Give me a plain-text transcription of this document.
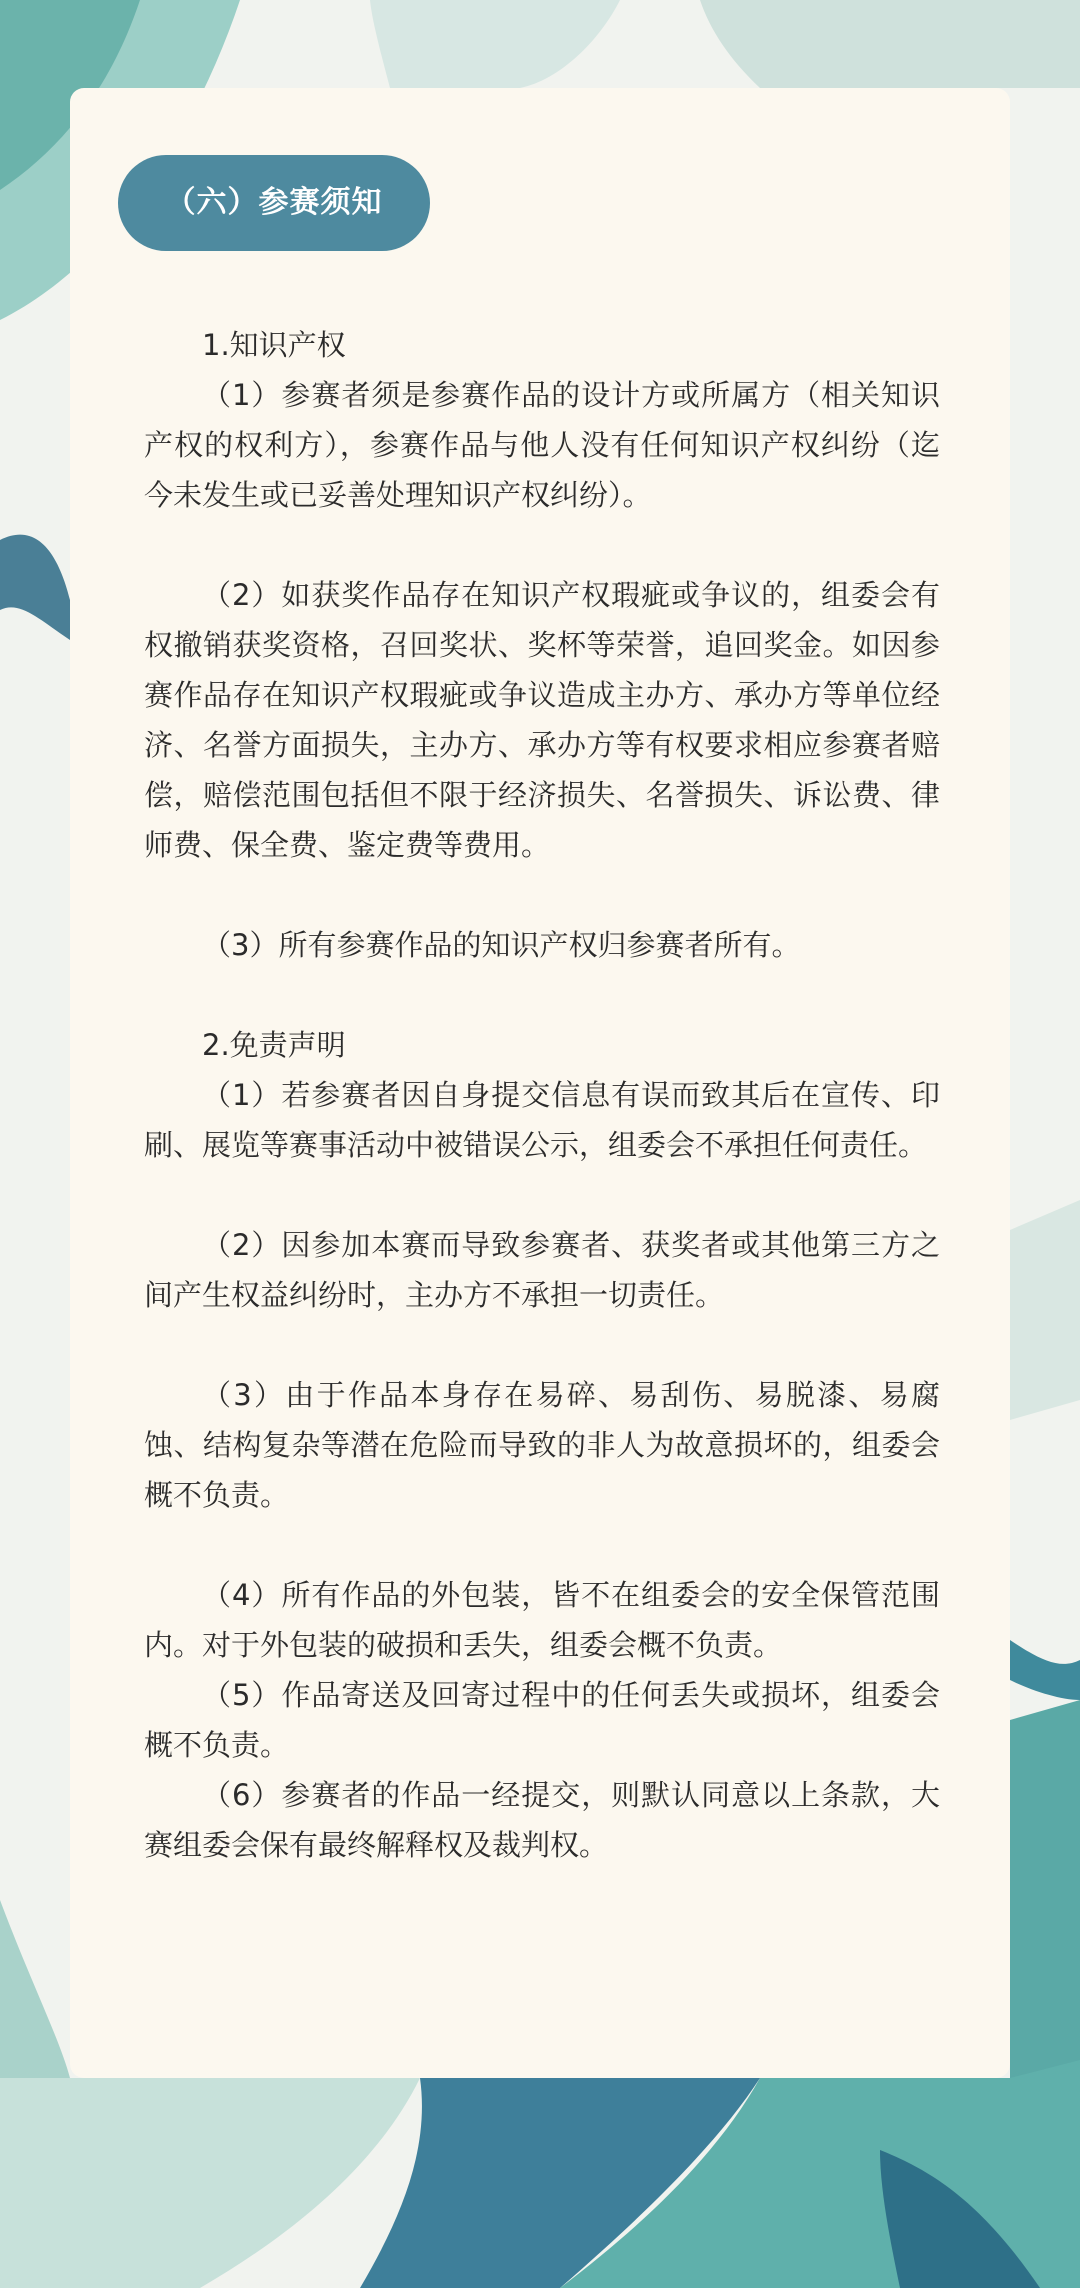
（六）参赛须知
1.知识产权

（1）参赛者须是参赛作品的设计方或所属方（相关知识产权的权利方），参赛作品与他人没有任何知识产权纠纷（迄今未发生或已妥善处理知识产权纠纷）。

（2）如获奖作品存在知识产权瑕疵或争议的，组委会有权撤销获奖资格，召回奖状、奖杯等荣誉，追回奖金。如因参赛作品存在知识产权瑕疵或争议造成主办方、承办方等单位经济、名誉方面损失，主办方、承办方等有权要求相应参赛者赔偿，赔偿范围包括但不限于经济损失、名誉损失、诉讼费、律师费、保全费、鉴定费等费用。

（3）所有参赛作品的知识产权归参赛者所有。

2.免责声明

（1）若参赛者因自身提交信息有误而致其后在宣传、印刷、展览等赛事活动中被错误公示，组委会不承担任何责任。

（2）因参加本赛而导致参赛者、获奖者或其他第三方之间产生权益纠纷时，主办方不承担一切责任。

（3）由于作品本身存在易碎、易刮伤、易脱漆、易腐蚀、结构复杂等潜在危险而导致的非人为故意损坏的，组委会概不负责。

（4）所有作品的外包装，皆不在组委会的安全保管范围内。对于外包装的破损和丢失，组委会概不负责。

（5）作品寄送及回寄过程中的任何丢失或损坏，组委会概不负责。

（6）参赛者的作品一经提交，则默认同意以上条款，大赛组委会保有最终解释权及裁判权。
